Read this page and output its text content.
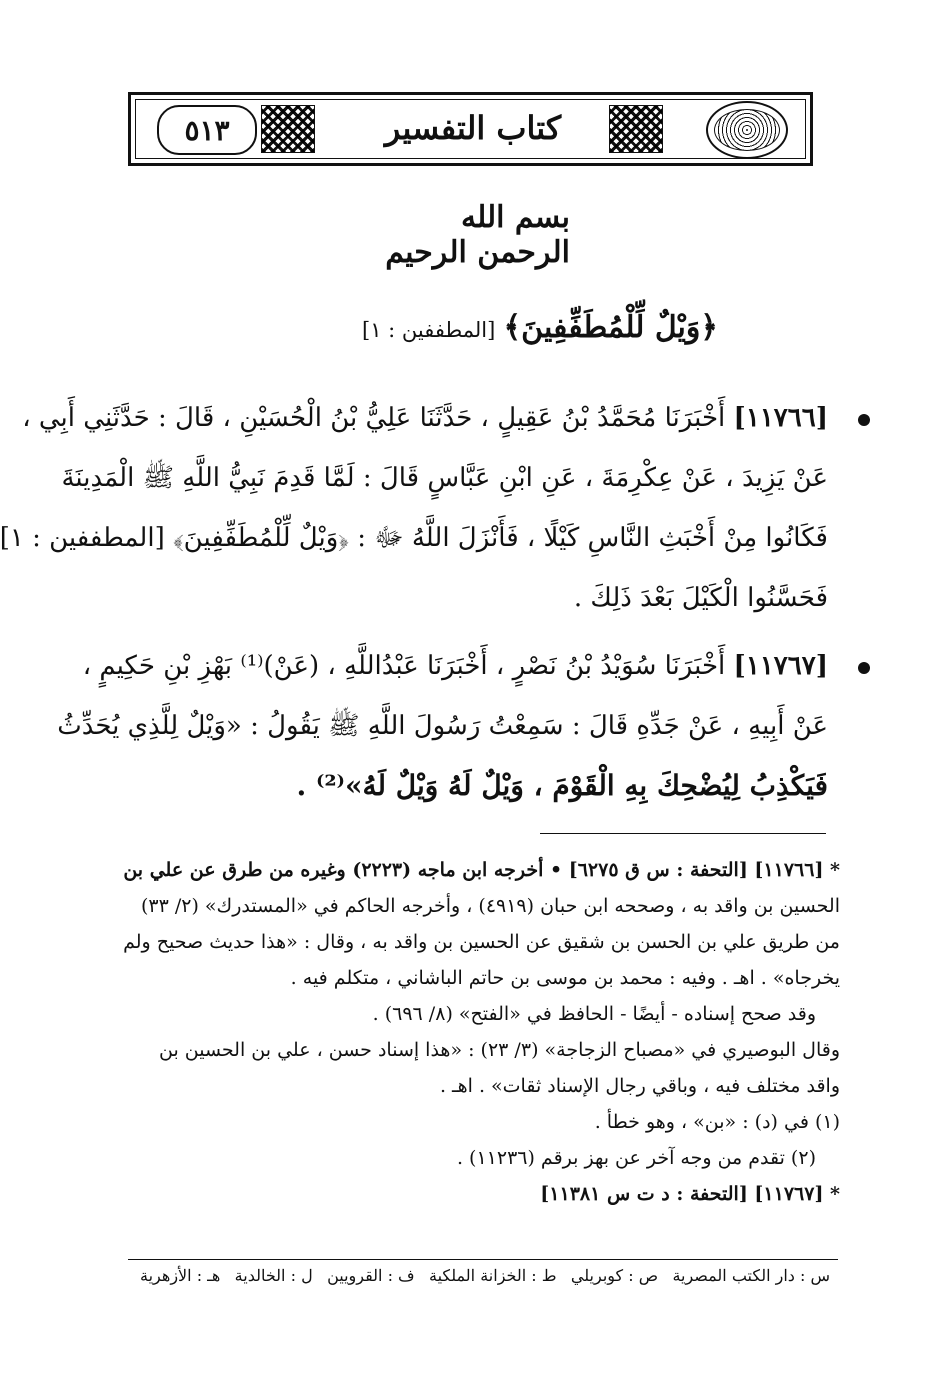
٥١٣	كتاب التفسير
بسم الله الرحمن الرحيم
﴿وَيْلٌ لِّلْمُطَفِّفِينَ﴾ [المطففين : ١]
[١١٧٦٦] أَخْبَرَنَا مُحَمَّدُ بْنُ عَقِيلٍ ، حَدَّثَنَا عَلِيُّ بْنُ الْحُسَيْنِ ، قَالَ : حَدَّثَنِي أَبِي ،
عَنْ يَزِيدَ ، عَنْ عِكْرِمَةَ ، عَنِ ابْنِ عَبَّاسٍ قَالَ : لَمَّا قَدِمَ نَبِيُّ اللَّهِ ﷺ الْمَدِينَةَ
فَكَانُوا مِنْ أَخْبَثِ النَّاسِ كَيْلًا ، فَأَنْزَلَ اللَّهُ ﷻ : ﴿وَيْلٌ لِّلْمُطَفِّفِينَ﴾ [المطففين : ١]
فَحَسَّنُوا الْكَيْلَ بَعْدَ ذَلِكَ .
[١١٧٦٧] أَخْبَرَنَا سُوَيْدُ بْنُ نَصْرٍ ، أَخْبَرَنَا عَبْدُاللَّهِ ، (عَنْ)⁽¹⁾ بَهْزِ بْنِ حَكِيمٍ ،
عَنْ أَبِيهِ ، عَنْ جَدِّهِ قَالَ : سَمِعْتُ رَسُولَ اللَّهِ ﷺ يَقُولُ : «وَيْلٌ لِلَّذِي يُحَدِّثُ
فَيَكْذِبُ لِيُضْحِكَ بِهِ الْقَوْمَ ، وَيْلٌ لَهُ وَيْلٌ لَهُ»⁽²⁾ .
* [١١٧٦٦] [التحفة : س ق ٦٢٧٥] • أخرجه ابن ماجه (٢٢٢٣) وغيره من طرق عن علي بن
الحسين بن واقد به ، وصححه ابن حبان (٤٩١٩) ، وأخرجه الحاكم في «المستدرك» (٢/ ٣٣)
من طريق علي بن الحسن بن شقيق عن الحسين بن واقد به ، وقال : «هذا حديث صحيح ولم
يخرجاه» . اهـ . وفيه : محمد بن موسى بن حاتم الباشاني ، متكلم فيه .
وقد صحح إسناده - أيضًا - الحافظ في «الفتح» (٨/ ٦٩٦) .
وقال البوصيري في «مصباح الزجاجة» (٣/ ٢٣) : «هذا إسناد حسن ، علي بن الحسين بن
واقد مختلف فيه ، وباقي رجال الإسناد ثقات» . اهـ .
(١) في (د) : «بن» ، وهو خطأ .
(٢) تقدم من وجه آخر عن بهز برقم (١١٢٣٦) .
* [١١٧٦٧] [التحفة : د ت س ١١٣٨١]
س : دار الكتب المصرية
ص : كوبريلي
ط : الخزانة الملكية
ف : القرويين
ل : الخالدية
هـ : الأزهرية
